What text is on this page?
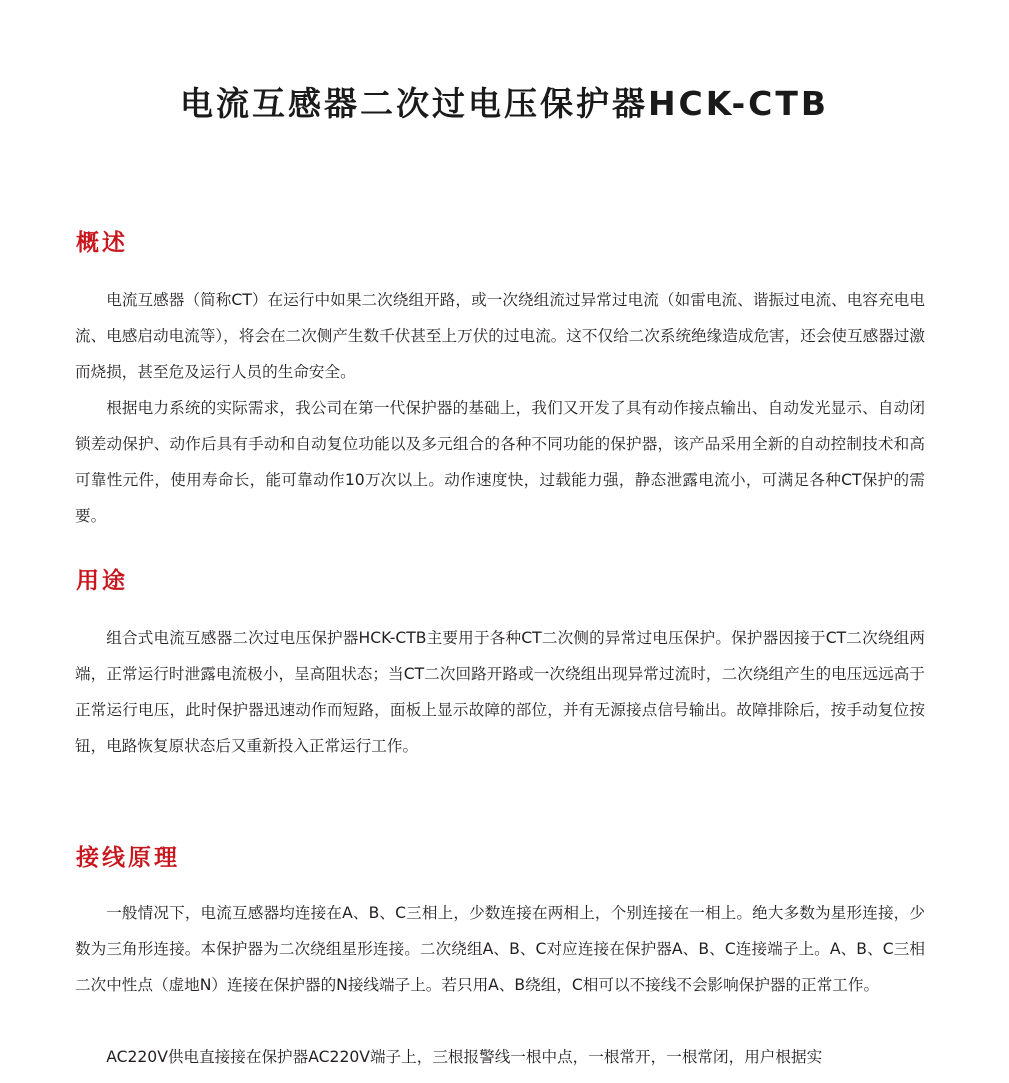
电流互感器二次过电压保护器HCK-CTB
概述

电流互感器（简称CT）在运行中如果二次绕组开路，或一次绕组流过异常过电流（如雷电流、谐振过电流、电容充电电流、电感启动电流等），将会在二次侧产生数千伏甚至上万伏的过电流。这不仅给二次系统绝缘造成危害，还会使互感器过激而烧损，甚至危及运行人员的生命安全。

根据电力系统的实际需求，我公司在第一代保护器的基础上，我们又开发了具有动作接点输出、自动发光显示、自动闭锁差动保护、动作后具有手动和自动复位功能以及多元组合的各种不同功能的保护器，该产品采用全新的自动控制技术和高可靠性元件，使用寿命长，能可靠动作10万次以上。动作速度快，过载能力强，静态泄露电流小，可满足各种CT保护的需要。

用途

组合式电流互感器二次过电压保护器HCK-CTB主要用于各种CT二次侧的异常过电压保护。保护器因接于CT二次绕组两端，正常运行时泄露电流极小，呈高阻状态；当CT二次回路开路或一次绕组出现异常过流时，二次绕组产生的电压远远高于正常运行电压，此时保护器迅速动作而短路，面板上显示故障的部位，并有无源接点信号输出。故障排除后，按手动复位按钮，电路恢复原状态后又重新投入正常运行工作。

接线原理

一般情况下，电流互感器均连接在A、B、C三相上，少数连接在两相上，个别连接在一相上。绝大多数为星形连接，少数为三角形连接。本保护器为二次绕组星形连接。二次绕组A、B、C对应连接在保护器A、B、C连接端子上。A、B、C三相二次中性点（虚地N）连接在保护器的N接线端子上。若只用A、B绕组，C相可以不接线不会影响保护器的正常工作。

AC220V供电直接接在保护器AC220V端子上，三根报警线一根中点，一根常开，一根常闭，用户根据实
